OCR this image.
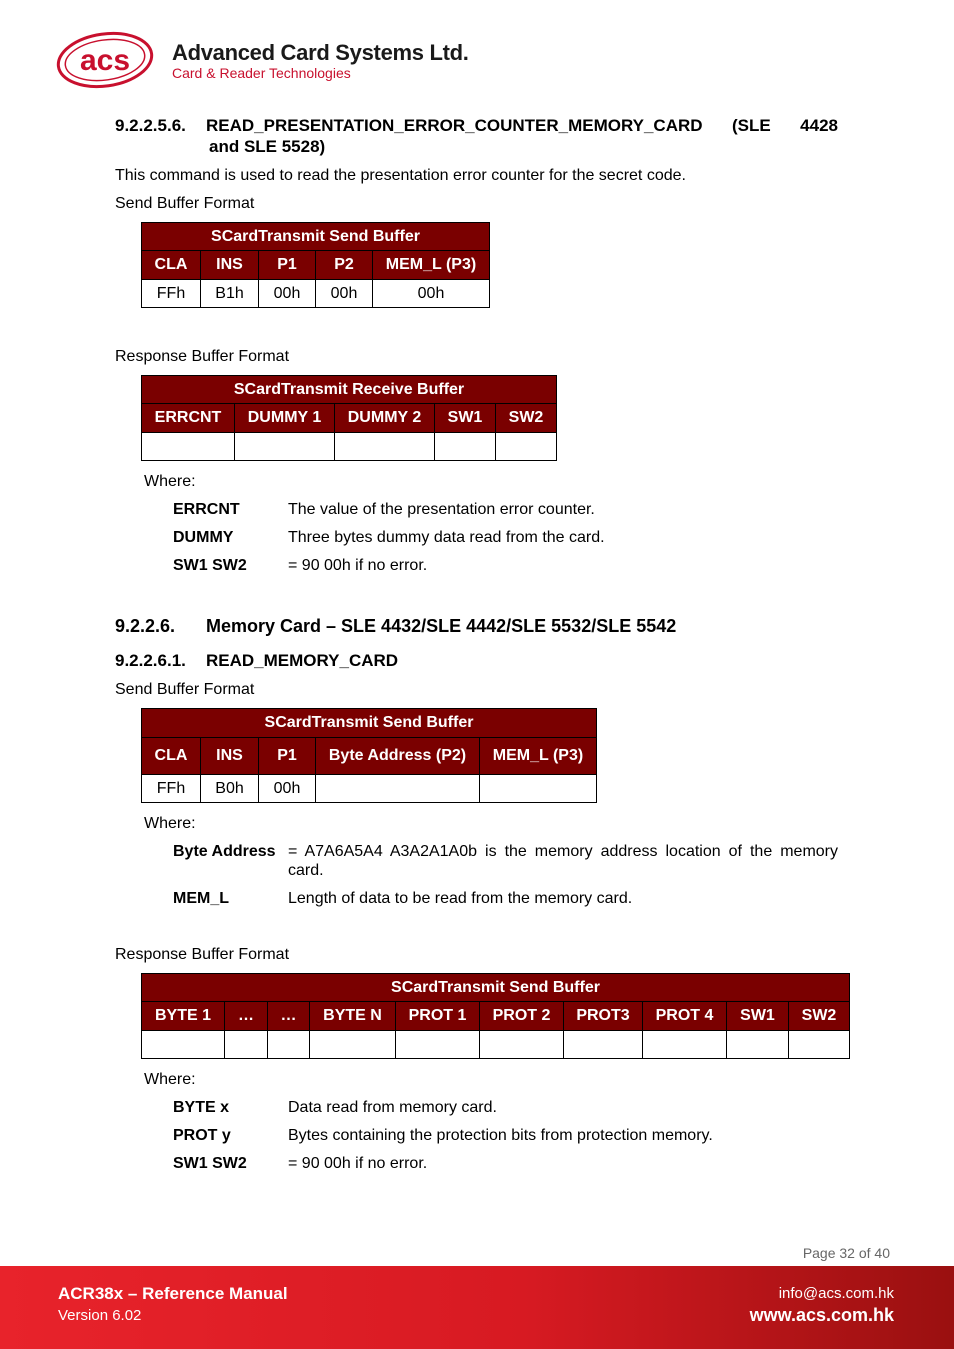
acs Advanced Card Systems Ltd.
Card & Reader Technologies
9.2.2.5.6. READ_PRESENTATION_ERROR_COUNTER_MEMORY_CARD (SLE 4428
and SLE 5528)
This command is used to read the presentation error counter for the secret code.
Send Buffer Format
SCardTransmit Send Buffer				
CLA	INS	P1	P2	MEM_L (P3)
FFh	B1h	00h	00h	00h
Response Buffer Format
SCardTransmit Receive Buffer				
ERRCNT	DUMMY 1	DUMMY 2	SW1	SW2

Where:
ERRCNT	The value of the presentation error counter.
DUMMY	Three bytes dummy data read from the card.
SW1 SW2	= 90 00h if no error.
9.2.2.6. Memory Card – SLE 4432/SLE 4442/SLE 5532/SLE 5542
9.2.2.6.1. READ_MEMORY_CARD
Send Buffer Format
SCardTransmit Send Buffer				
CLA	INS	P1	Byte Address (P2)	MEM_L (P3)
FFh	B0h	00h		
Where:
Byte Address = A7A6A5A4 A3A2A1A0b is the memory address location of the memory card.
MEM_L	Length of data to be read from the memory card.
Response Buffer Format
SCardTransmit Send Buffer									
BYTE 1	…	…	BYTE N	PROT 1	PROT 2	PROT3	PROT 4	SW1	SW2

Where:
BYTE x	Data read from memory card.
PROT y	Bytes containing the protection bits from protection memory.
SW1 SW2	= 90 00h if no error.
Page 32 of 40
ACR38x – Reference Manual
Version 6.02
info@acs.com.hk
www.acs.com.hk
